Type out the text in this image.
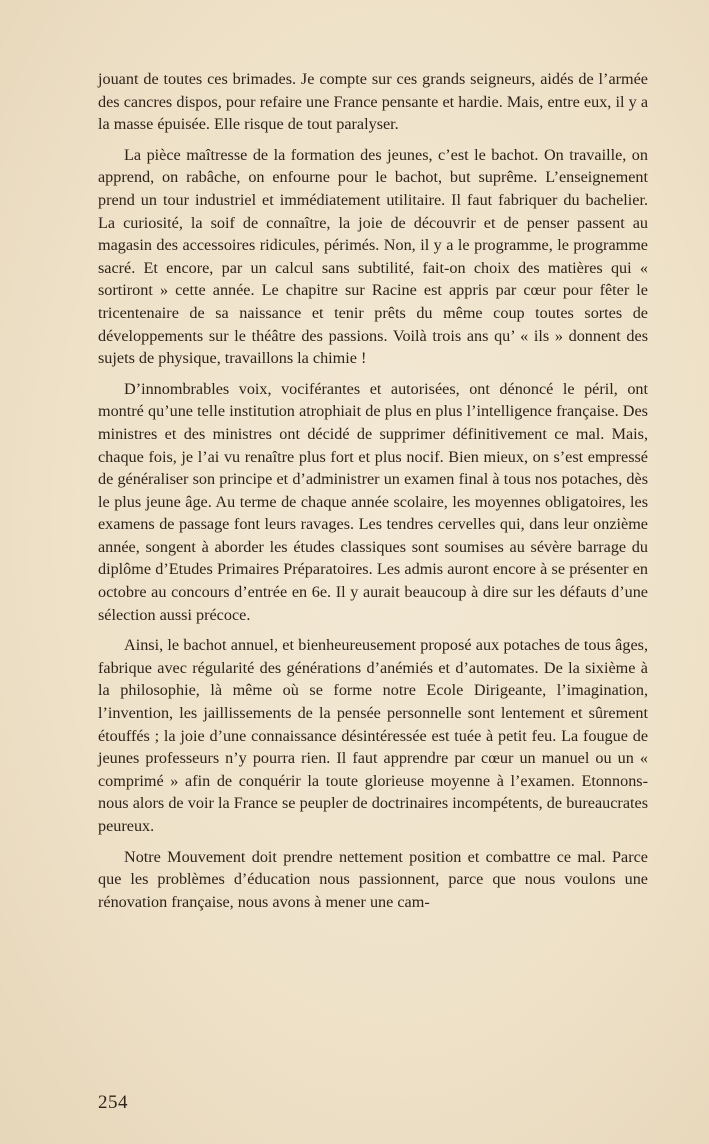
jouant de toutes ces brimades. Je compte sur ces grands seigneurs, aidés de l’armée des cancres dispos, pour refaire une France pensante et hardie. Mais, entre eux, il y a la masse épuisée. Elle risque de tout paralyser.

La pièce maîtresse de la formation des jeunes, c’est le bachot. On travaille, on apprend, on rabâche, on enfourne pour le bachot, but suprême. L’enseignement prend un tour industriel et immédiatement utilitaire. Il faut fabriquer du bachelier. La curiosité, la soif de connaître, la joie de découvrir et de penser passent au magasin des accessoires ridicules, périmés. Non, il y a le programme, le programme sacré. Et encore, par un calcul sans subtilité, fait-on choix des matières qui « sortiront » cette année. Le chapitre sur Racine est appris par cœur pour fêter le tricentenaire de sa naissance et tenir prêts du même coup toutes sortes de développements sur le théâtre des passions. Voilà trois ans qu’ « ils » donnent des sujets de physique, travaillons la chimie !

D’innombrables voix, vociférantes et autorisées, ont dénoncé le péril, ont montré qu’une telle institution atrophiait de plus en plus l’intelligence française. Des ministres et des ministres ont décidé de supprimer définitivement ce mal. Mais, chaque fois, je l’ai vu renaître plus fort et plus nocif. Bien mieux, on s’est empressé de généraliser son principe et d’administrer un examen final à tous nos potaches, dès le plus jeune âge. Au terme de chaque année scolaire, les moyennes obligatoires, les examens de passage font leurs ravages. Les tendres cervelles qui, dans leur onzième année, songent à aborder les études classiques sont soumises au sévère barrage du diplôme d’Etudes Primaires Préparatoires. Les admis auront encore à se présenter en octobre au concours d’entrée en 6e. Il y aurait beaucoup à dire sur les défauts d’une sélection aussi précoce.

Ainsi, le bachot annuel, et bienheureusement proposé aux potaches de tous âges, fabrique avec régularité des générations d’anémiés et d’automates. De la sixième à la philosophie, là même où se forme notre Ecole Dirigeante, l’imagination, l’invention, les jaillissements de la pensée personnelle sont lentement et sûrement étouffés ; la joie d’une connaissance désintéressée est tuée à petit feu. La fougue de jeunes professeurs n’y pourra rien. Il faut apprendre par cœur un manuel ou un « comprimé » afin de conquérir la toute glorieuse moyenne à l’examen. Etonnons-nous alors de voir la France se peupler de doctrinaires incompétents, de bureaucrates peureux.

Notre Mouvement doit prendre nettement position et combattre ce mal. Parce que les problèmes d’éducation nous passionnent, parce que nous voulons une rénovation française, nous avons à mener une cam-

254
